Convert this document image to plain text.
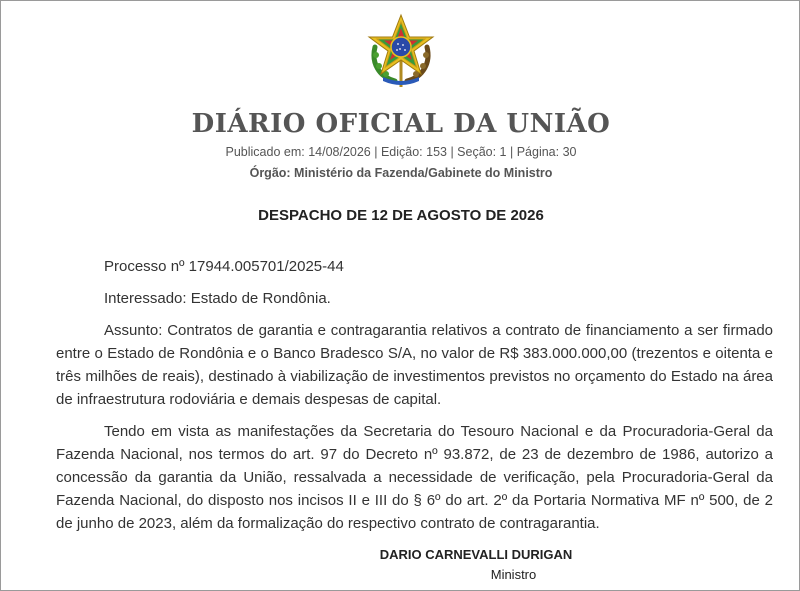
DIÁRIO OFICIAL DA UNIÃO
Publicado em: 14/08/2026 | Edição: 153 | Seção: 1 | Página: 30
Órgão: Ministério da Fazenda/Gabinete do Ministro
DESPACHO DE 12 DE AGOSTO DE 2026

Processo nº 17944.005701/2025-44

Interessado: Estado de Rondônia.

Assunto: Contratos de garantia e contragarantia relativos a contrato de financiamento a ser firmado entre o Estado de Rondônia e o Banco Bradesco S/A, no valor de R$ 383.000.000,00 (trezentos e oitenta e três milhões de reais), destinado à viabilização de investimentos previstos no orçamento do Estado na área de infraestrutura rodoviária e demais despesas de capital.

Tendo em vista as manifestações da Secretaria do Tesouro Nacional e da Procuradoria-Geral da Fazenda Nacional, nos termos do art. 97 do Decreto nº 93.872, de 23 de dezembro de 1986, autorizo a concessão da garantia da União, ressalvada a necessidade de verificação, pela Procuradoria-Geral da Fazenda Nacional, do disposto nos incisos II e III do § 6º do art. 2º da Portaria Normativa MF nº 500, de 2 de junho de 2023, além da formalização do respectivo contrato de contragarantia.

DARIO CARNEVALLI DURIGAN
Ministro
